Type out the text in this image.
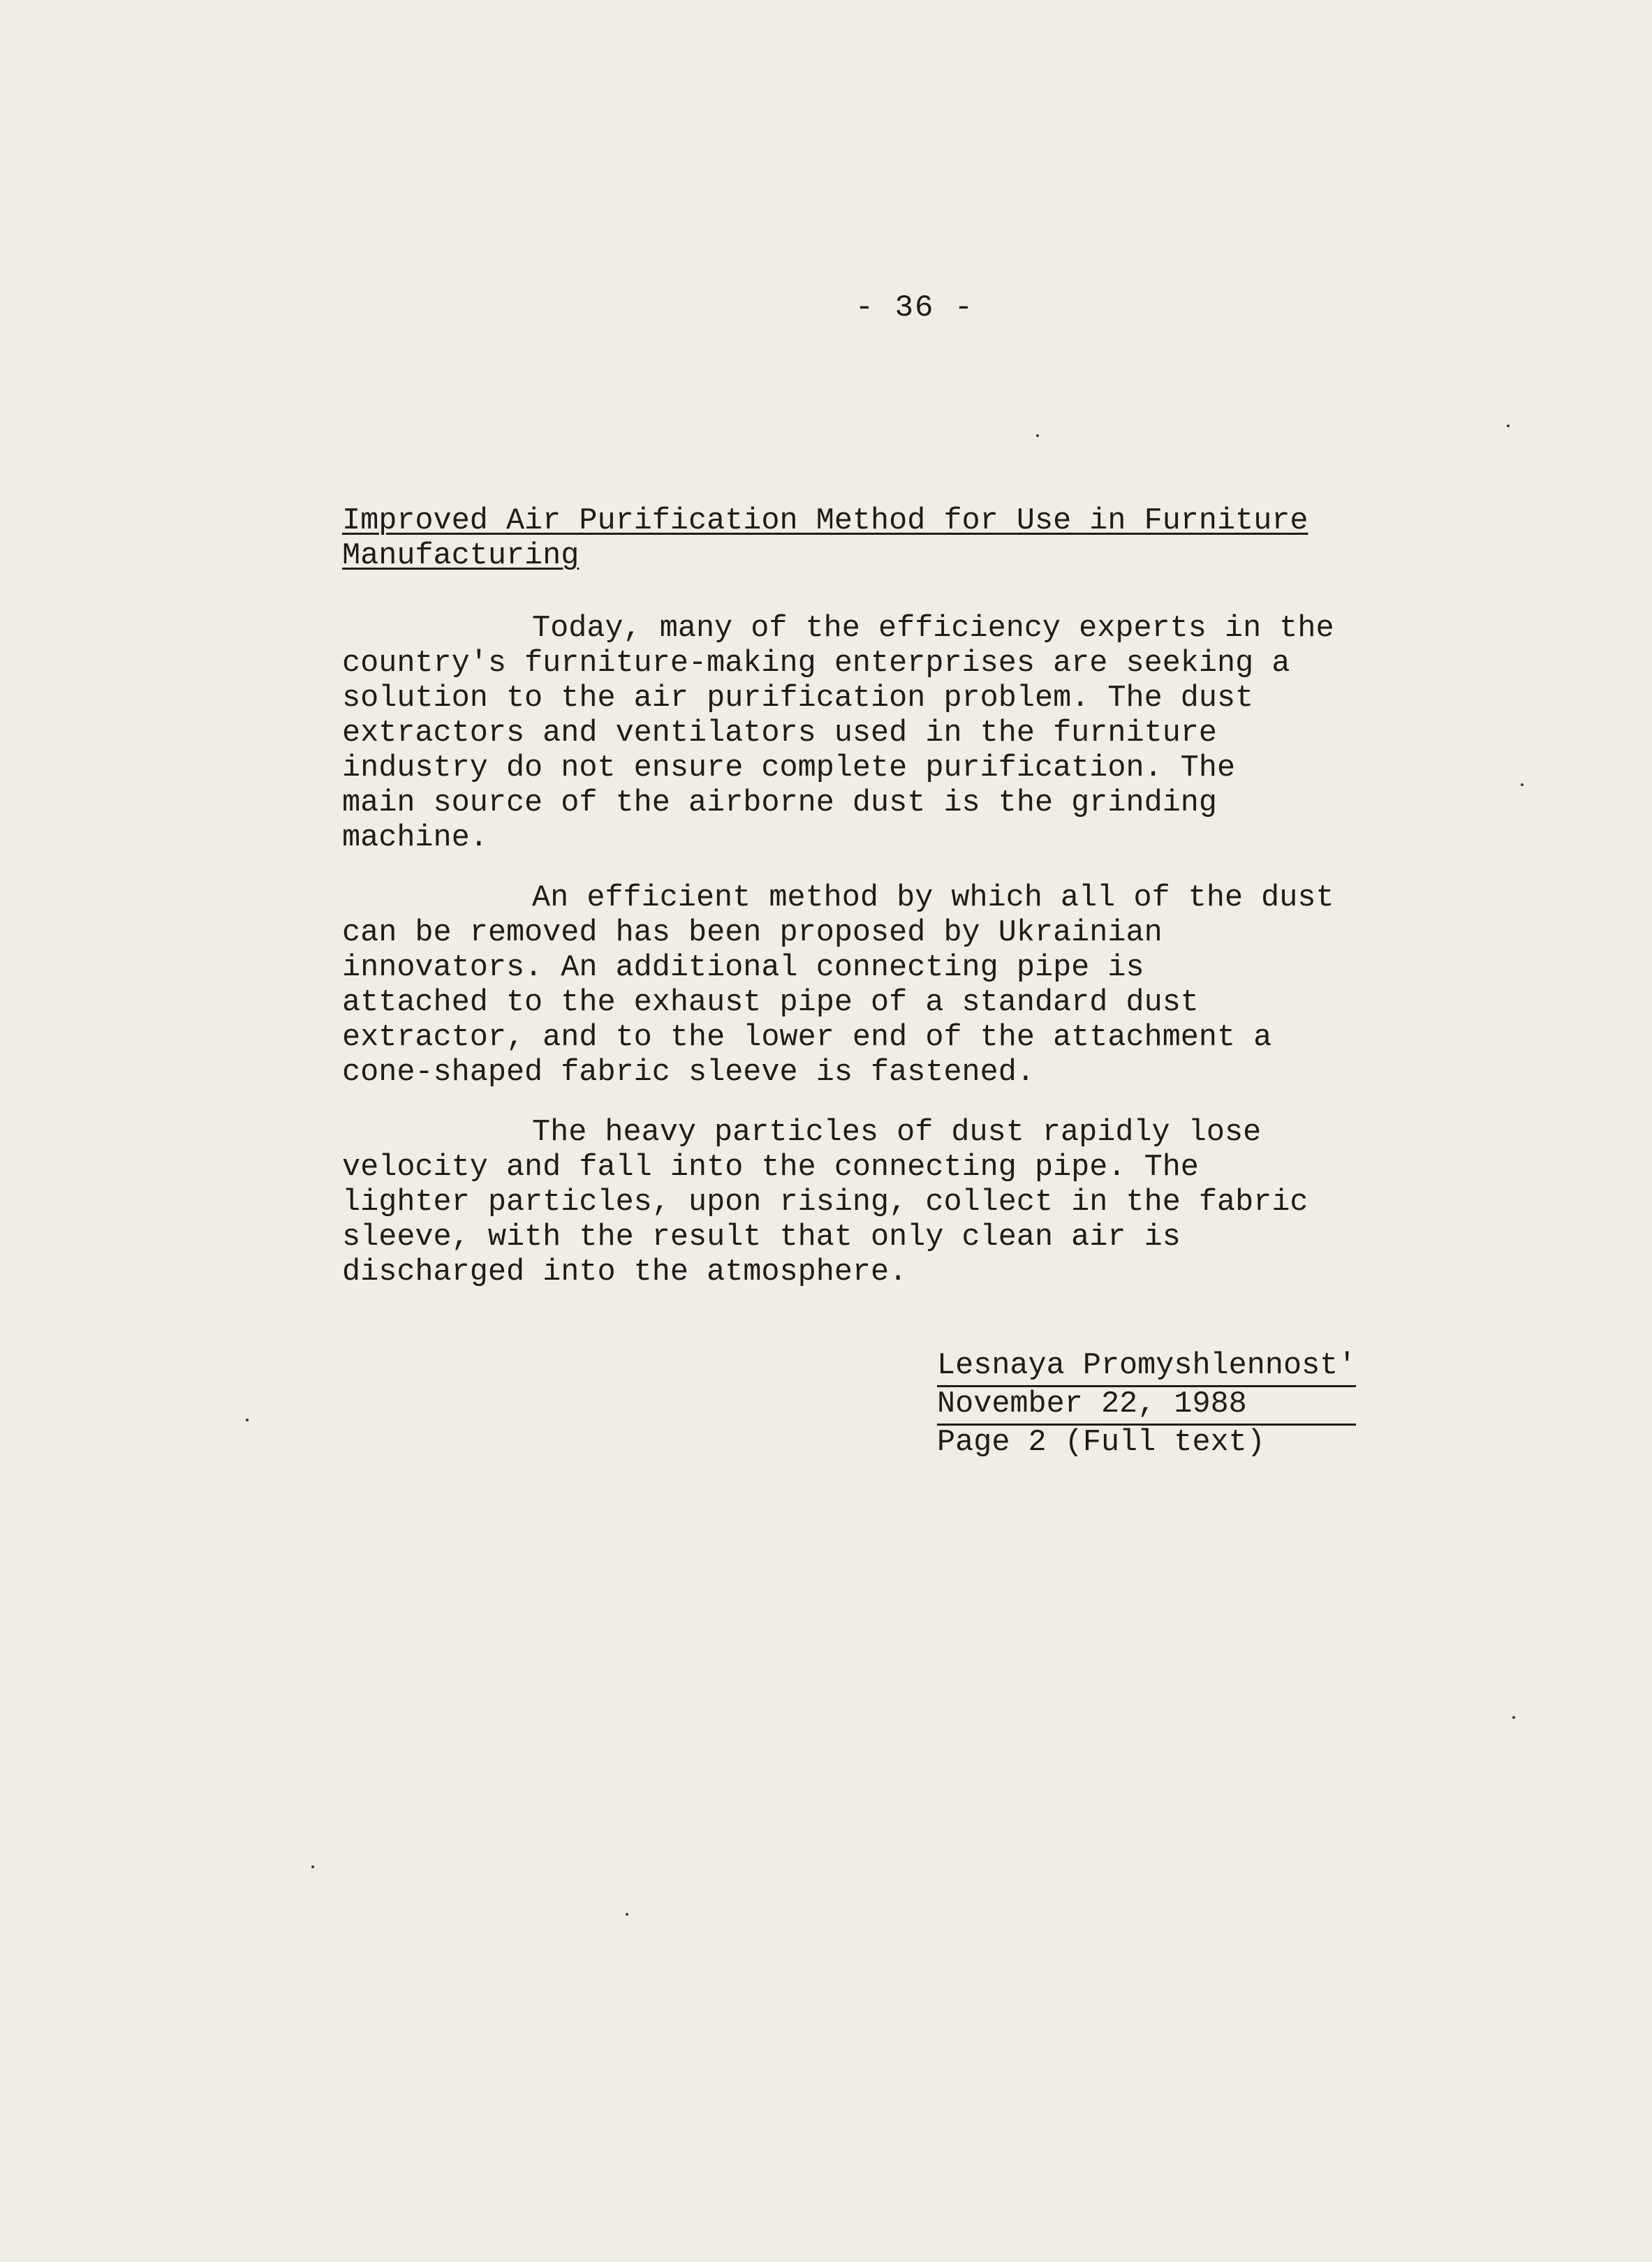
- 36 -
Improved Air Purification Method for Use in Furniture
Manufacturing

Today, many of the efficiency experts in the
country's furniture-making enterprises are seeking a
solution to the air purification problem. The dust
extractors and ventilators used in the furniture
industry do not ensure complete purification. The
main source of the airborne dust is the grinding
machine.

An efficient method by which all of the dust
can be removed has been proposed by Ukrainian
innovators. An additional connecting pipe is
attached to the exhaust pipe of a standard dust
extractor, and to the lower end of the attachment a
cone-shaped fabric sleeve is fastened.

The heavy particles of dust rapidly lose
velocity and fall into the connecting pipe. The
lighter particles, upon rising, collect in the fabric
sleeve, with the result that only clean air is
discharged into the atmosphere.

Lesnaya Promyshlennost'
November 22, 1988
Page 2 (Full text)
